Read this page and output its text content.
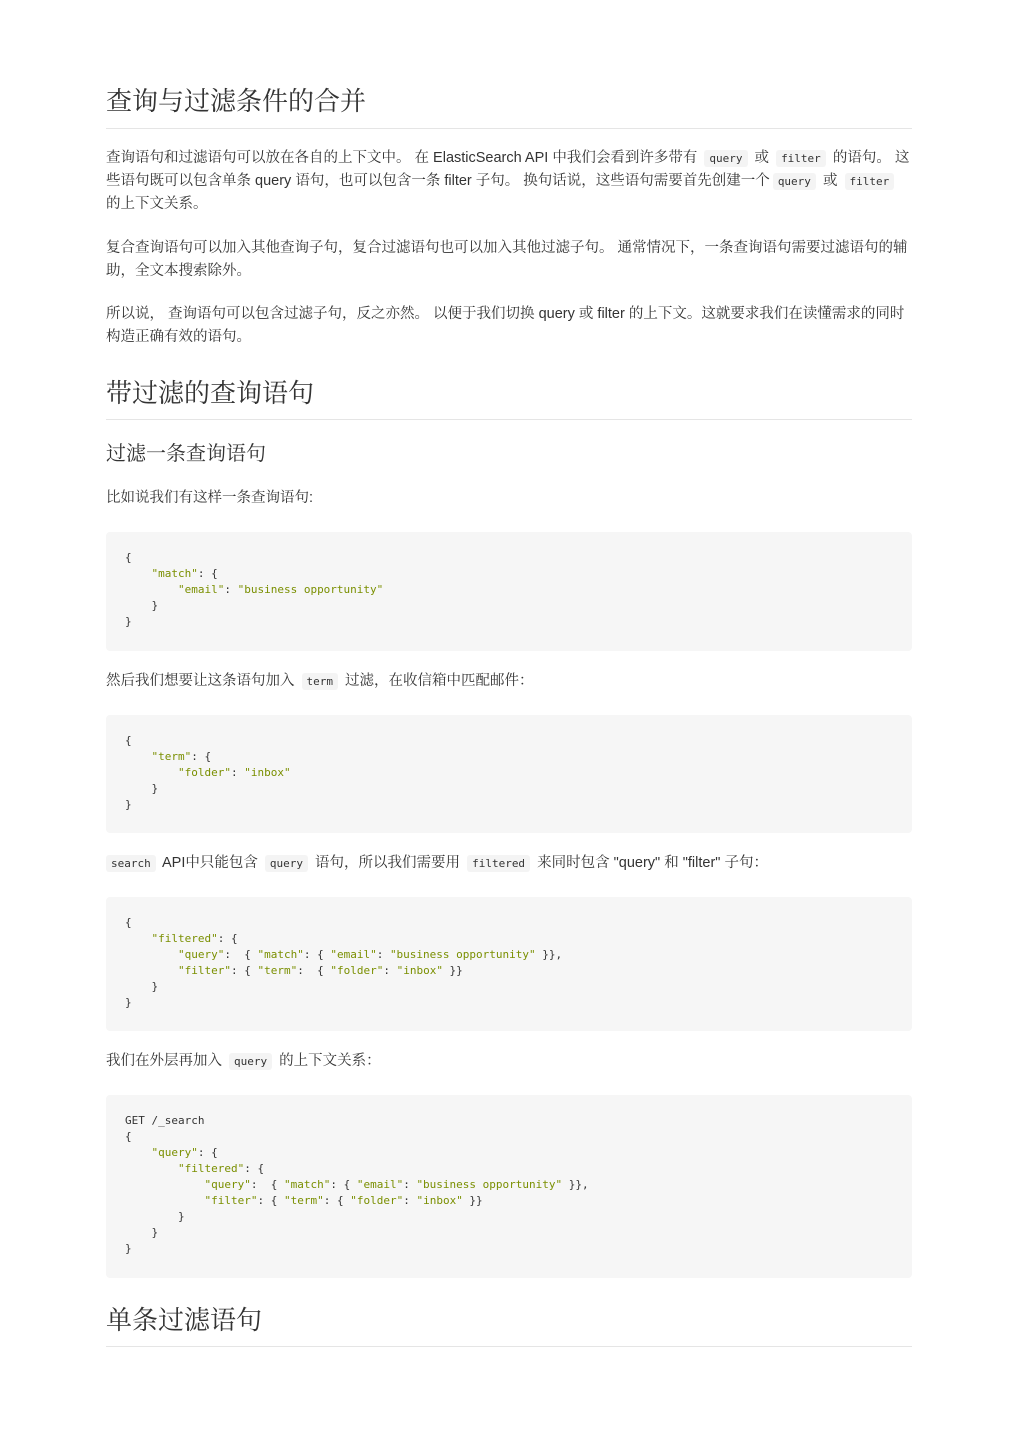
查询与过滤条件的合并

查询语句和过滤语句可以放在各自的上下文中。 在 ElasticSearch API 中我们会看到许多带有 query 或 filter 的语句。 这些语句既可以包含单条 query 语句，也可以包含一条 filter 子句。 换句话说，这些语句需要首先创建一个 query 或 filter 的上下文关系。

复合查询语句可以加入其他查询子句，复合过滤语句也可以加入其他过滤子句。 通常情况下，一条查询语句需要过滤语句的辅助，全文本搜索除外。

所以说， 查询语句可以包含过滤子句，反之亦然。 以便于我们切换 query 或 filter 的上下文。这就要求我们在读懂需求的同时构造正确有效的语句。

带过滤的查询语句
过滤一条查询语句

比如说我们有这样一条查询语句:

{
"match": {
"email": "business opportunity"
}
}

然后我们想要让这条语句加入 term 过滤，在收信箱中匹配邮件：

{
"term": {
"folder": "inbox"
}
}

search API中只能包含 query 语句，所以我们需要用 filtered 来同时包含 "query" 和 "filter" 子句：

{
"filtered": {
"query":  { "match": { "email": "business opportunity" }},
"filter": { "term":  { "folder": "inbox" }}
}
}

我们在外层再加入 query 的上下文关系：

GET /_search
{
"query": {
"filtered": {
"query":  { "match": { "email": "business opportunity" }},
"filter": { "term": { "folder": "inbox" }}
}
}
}
单条过滤语句
